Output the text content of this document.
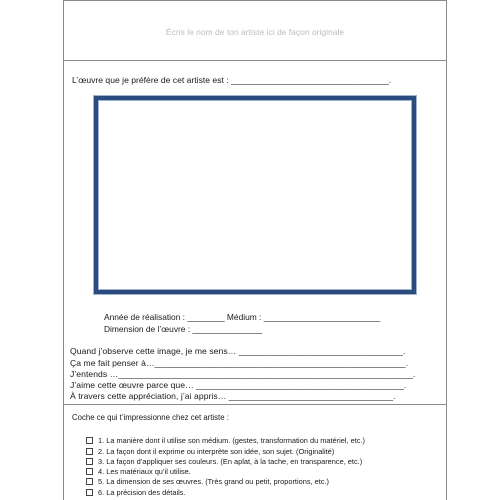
Écris le nom de ton artiste ici de façon originale
L’œuvre que je préfère de cet artiste est : _________________________________.
Année de réalisation : ________ Médium : _________________________
Dimension de l’œuvre : _______________
Quand j’observe cette image, je me sens… __________________________________.
Ça me fait penser à…____________________________________________________.
J’entends …_____________________________________________________________.
J’aime cette œuvre parce que… ___________________________________________.
À travers cette appréciation, j’ai appris… __________________________________.
Coche ce qui t’impressionne chez cet artiste :
1. La manière dont il utilise son médium. (gestes, transformation du matériel, etc.)
2. La façon dont il exprime ou interprète son idée, son sujet. (Originalité)
3. La façon d’appliquer ses couleurs. (En aplat, à la tache, en transparence, etc.)
4. Les matériaux qu’il utilise.
5. La dimension de ses œuvres. (Très grand ou petit, proportions, etc.)
6. La précision des détails.
